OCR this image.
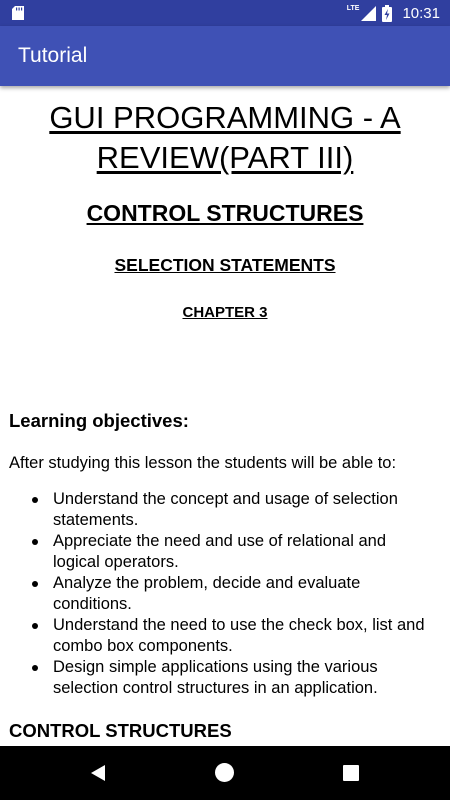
LTE	10:31
Tutorial
GUI PROGRAMMING - A REVIEW(PART III)
CONTROL STRUCTURES
SELECTION STATEMENTS
CHAPTER 3
Learning objectives:
After studying this lesson the students will be able to:
Understand the concept and usage of selection statements.
Appreciate the need and use of relational and logical operators.
Analyze the problem, decide and evaluate conditions.
Understand the need to use the check box, list and combo box components.
Design simple applications using the various selection control structures in an application.
CONTROL STRUCTURES
